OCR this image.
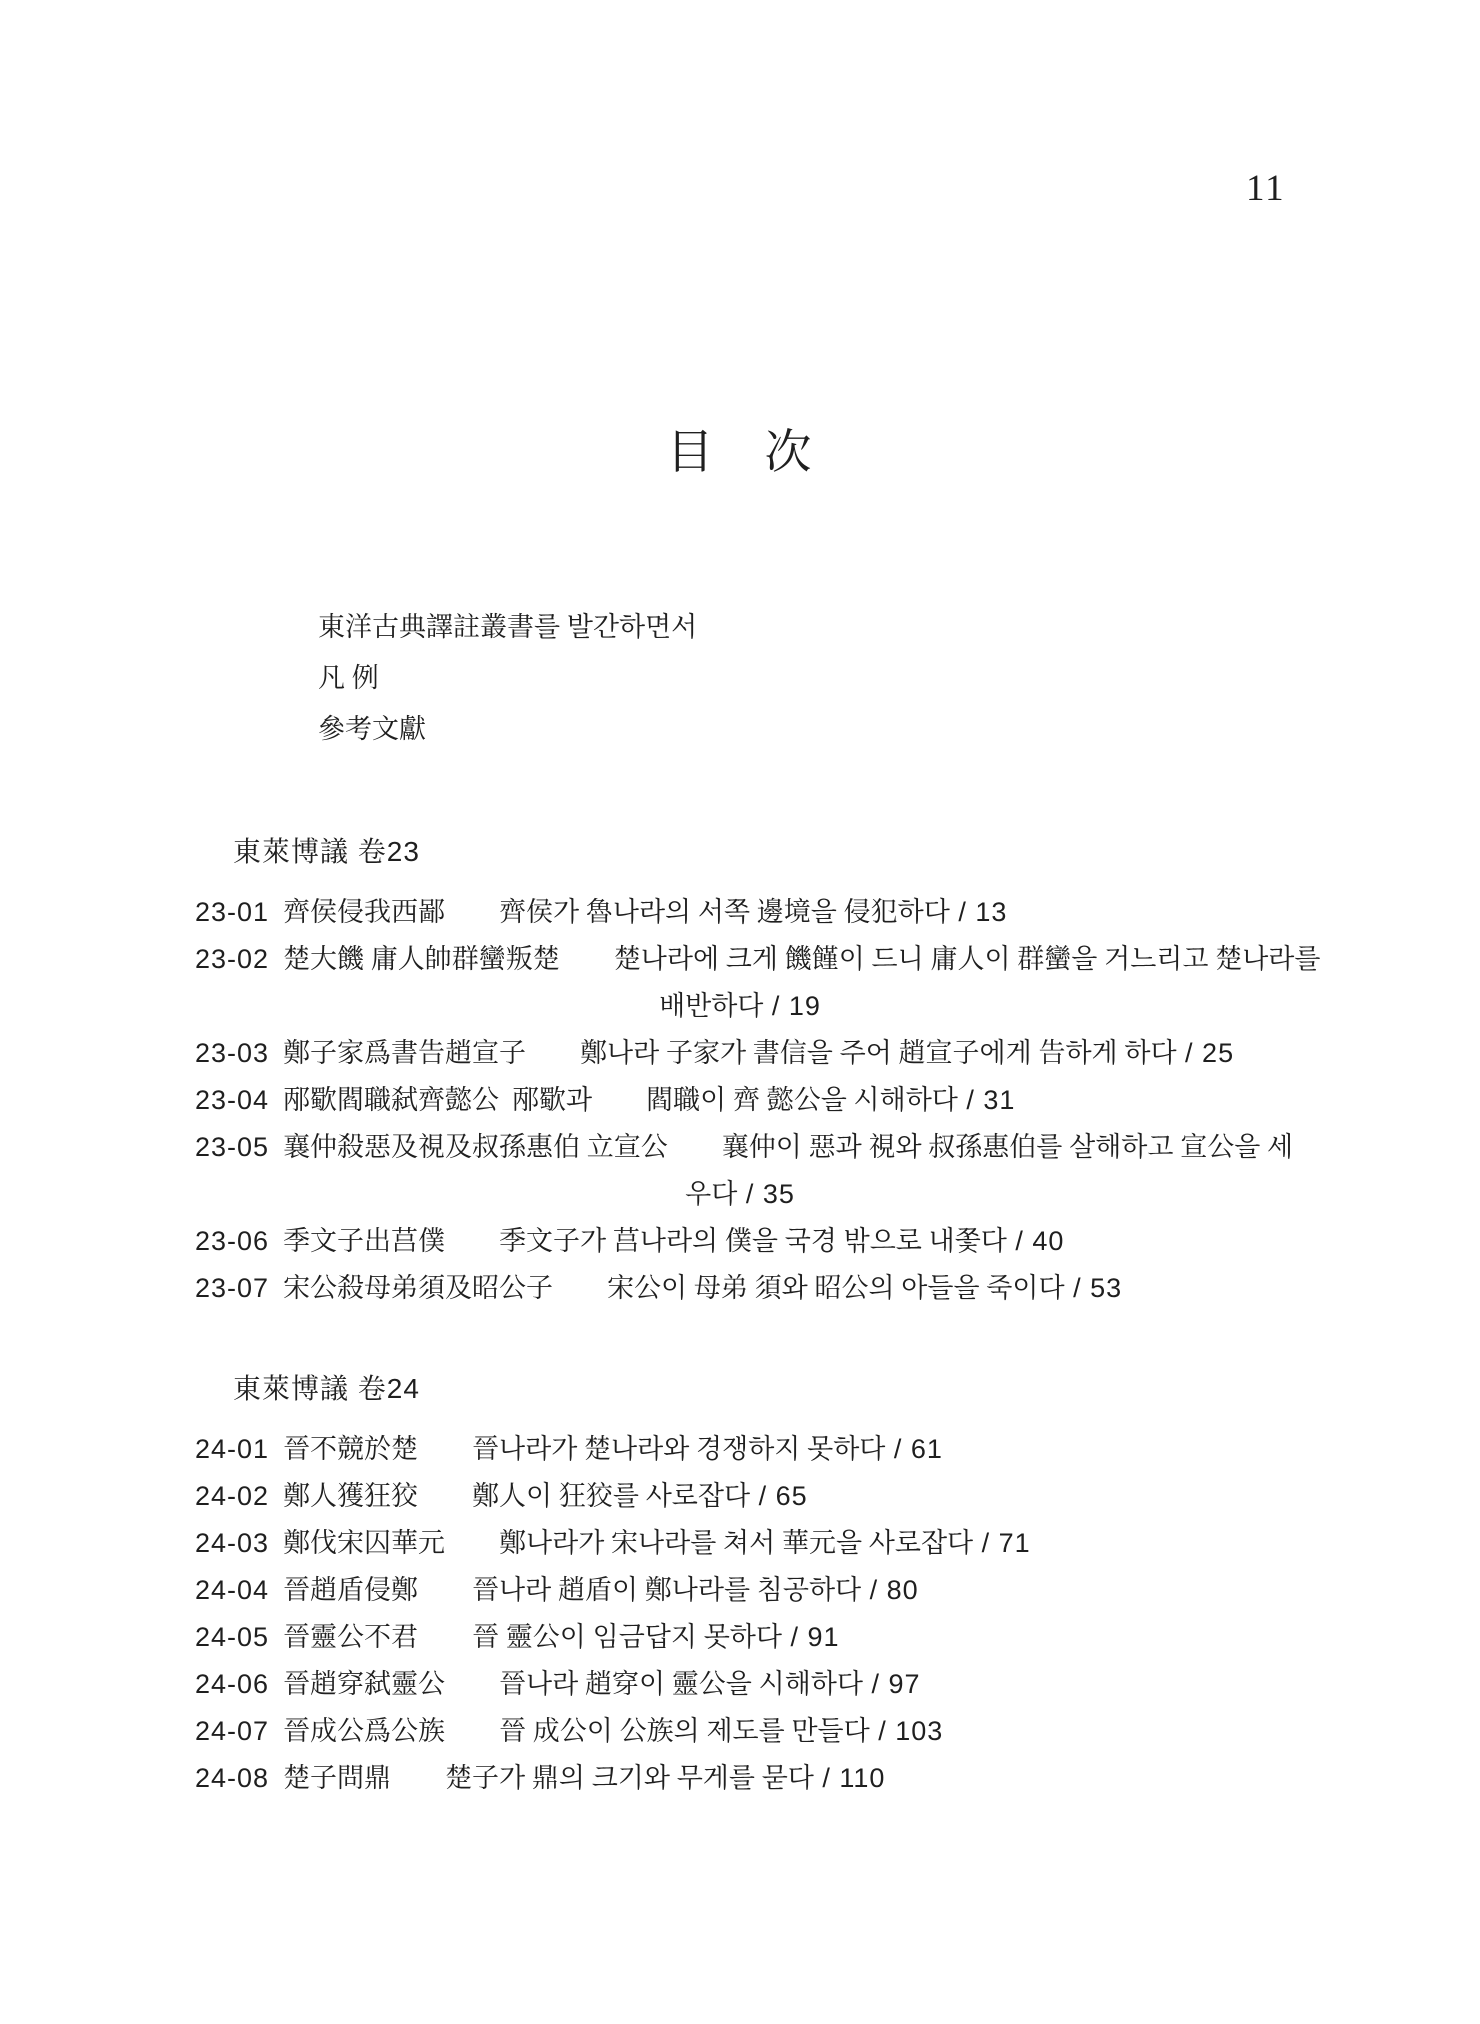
11
目　次
東洋古典譯註叢書를 발간하면서
凡 例
參考文獻
東萊博議 卷23
23-01 齊侯侵我西鄙 齊侯가 魯나라의 서쪽 邊境을 侵犯하다 / 13
23-02 楚大饑 庸人帥群蠻叛楚 楚나라에 크게 饑饉이 드니 庸人이 群蠻을 거느리고 楚나라를
배반하다 / 19
23-03 鄭子家爲書告趙宣子 鄭나라 子家가 書信을 주어 趙宣子에게 告하게 하다 / 25
23-04 邴歜閻職弑齊懿公 邴歜과　　閻職이 齊 懿公을 시해하다 / 31
23-05 襄仲殺惡及視及叔孫惠伯 立宣公 襄仲이 惡과 視와 叔孫惠伯를 살해하고 宣公을 세
우다 / 35
23-06 季文子出莒僕 季文子가 莒나라의 僕을 국경 밖으로 내쫓다 / 40
23-07 宋公殺母弟須及昭公子 宋公이 母弟 須와 昭公의 아들을 죽이다 / 53
東萊博議 卷24
24-01 晉不競於楚 晉나라가 楚나라와 경쟁하지 못하다 / 61
24-02 鄭人獲狂狡 鄭人이 狂狡를 사로잡다 / 65
24-03 鄭伐宋囚華元 鄭나라가 宋나라를 쳐서 華元을 사로잡다 / 71
24-04 晉趙盾侵鄭 晉나라 趙盾이 鄭나라를 침공하다 / 80
24-05 晉靈公不君 晉 靈公이 임금답지 못하다 / 91
24-06 晉趙穿弑靈公 晉나라 趙穿이 靈公을 시해하다 / 97
24-07 晉成公爲公族 晉 成公이 公族의 제도를 만들다 / 103
24-08 楚子問鼎 楚子가 鼎의 크기와 무게를 묻다 / 110
